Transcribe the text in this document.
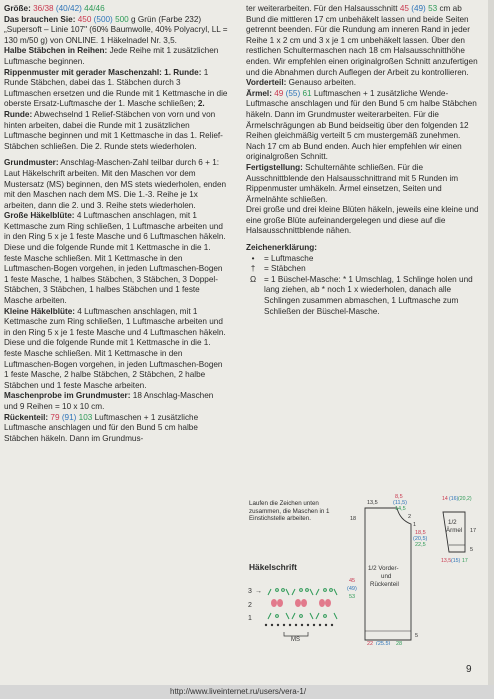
Größe: 36/38 (40/42) 44/46

Das brauchen Sie: 450 (500) 500 g Grün (Farbe 232) „Supersoft – Linie 107" (60% Baumwolle, 40% Polyacryl, LL = 130 m/50 g) von ONLINE. 1 Häkelnadel Nr. 3,5.

Halbe Stäbchen in Reihen: Jede Reihe mit 1 zusätzlichen Luftmasche beginnen.

Rippenmuster mit gerader Maschenzahl: 1. Runde: 1 Runde Stäbchen, dabei das 1. Stäbchen durch 3 Luftmaschen ersetzen und die Runde mit 1 Kettmasche in die oberste Ersatz-Luftmasche der 1. Masche schließen; 2. Runde: Abwechselnd 1 Relief-Stäbchen von vorn und von hinten arbeiten, dabei die Runde mit 1 zusätzlichen Luftmasche beginnen und mit 1 Kettmasche in das 1. Relief-Stäbchen schließen. Die 2. Runde stets wiederholen.

Grundmuster: Anschlag-Maschen-Zahl teilbar durch 6 + 1: Laut Häkelschrift arbeiten. Mit den Maschen vor dem Mustersatz (MS) beginnen, den MS stets wiederholen, enden mit den Maschen nach dem MS. Die 1.-3. Reihe je 1x arbeiten, dann die 2. und 3. Reihe stets wiederholen.

Große Häkelblüte: 4 Luftmaschen anschlagen, mit 1 Kettmasche zum Ring schließen, 1 Luftmasche arbeiten und in den Ring 5 x je 1 feste Masche und 6 Luftmaschen häkeln. Diese und die folgende Runde mit 1 Kettmasche in die 1. feste Masche schließen. Mit 1 Kettmasche in den Luftmaschen-Bogen vorgehen, in jeden Luftmaschen-Bogen 1 feste Masche, 1 halbes Stäbchen, 3 Stäbchen, 3 Doppel-Stäbchen, 3 Stäbchen, 1 halbes Stäbchen und 1 feste Masche arbeiten.

Kleine Häkelblüte: 4 Luftmaschen anschlagen, mit 1 Kettmasche zum Ring schließen, 1 Luftmasche arbeiten und in den Ring 5 x je 1 feste Masche und 4 Luftmaschen häkeln. Diese und die folgende Runde mit 1 Kettmasche in die 1. feste Masche schließen. Mit 1 Kettmasche in den Luftmaschen-Bogen vorgehen, in jeden Luftmaschen-Bogen 1 feste Masche, 2 halbe Stäbchen, 2 Stäbchen, 2 halbe Stäbchen und 1 feste Masche arbeiten.

Maschenprobe im Grundmuster: 18 Anschlag-Maschen und 9 Reihen = 10 x 10 cm.

Rückenteil: 79 (91) 103 Luftmaschen + 1 zusätzliche Luftmasche anschlagen und für den Bund 5 cm halbe Stäbchen häkeln. Dann im Grundmus-

ter weiterarbeiten. Für den Halsausschnitt 45 (49) 53 cm ab Bund die mittleren 17 cm unbehäkelt lassen und beide Seiten getrennt beenden. Für die Rundung am inneren Rand in jeder Reihe 1 x 2 cm und 3 x je 1 cm unbehäkelt lassen. Über den restlichen Schultermaschen nach 18 cm Halsausschnitthöhe enden. Wir empfehlen einen originalgroßen Schnitt anzufertigen und die Abnahmen durch Auflegen der Arbeit zu kontrollieren.

Vorderteil: Genauso arbeiten.

Ärmel: 49 (55) 61 Luftmaschen + 1 zusätzliche Wende-Luftmasche anschlagen und für den Bund 5 cm halbe Stäbchen häkeln. Dann im Grundmuster weiterarbeiten. Für die Ärmelschrägungen ab Bund beidseitig über den folgenden 12 Reihen gleichmäßig verteilt 5 cm mustergemäß zunehmen. Nach 17 cm ab Bund enden. Auch hier empfehlen wir einen originalgroßen Schnitt.

Fertigstellung: Schulternähte schließen. Für die Ausschnittblende den Halsausschnittrand mit 5 Runden im Rippenmuster umhäkeln. Ärmel einsetzen, Seiten und Ärmelnähte schließen.

Drei große und drei kleine Blüten häkeln, jeweils eine kleine und eine große Blüte aufeinandergelegen und diese auf die Halsausschnittblende nähen.

Zeichenerklärung:

•	= Luftmasche
†	= Stäbchen
Ω = 1 Büschel-Masche: * 1 Umschlag, 1 Schlinge holen und lang ziehen, ab * noch 1 x wiederholen, danach alle Schlingen zusammen abmaschen, 1 Luftmasche zum Schließen der Büschel-Masche.
Laufen die Zeichen unten zusammen, die Maschen in 1 Einstichstelle arbeiten.
Häkelschrift
3
2
1
→
MS
1/2 Vorder-
und
Rückenteil
13,5
8,5
(11,5)
14,5
2
1
18
18,5
(20,5)
22,5
45
(49)
53
5
22 (25,5) 28
1/2
Ärmel
14 (16) (20,2)
17
5
13,5 (15) 17
9
http://www.liveinternet.ru/users/vera-1/
